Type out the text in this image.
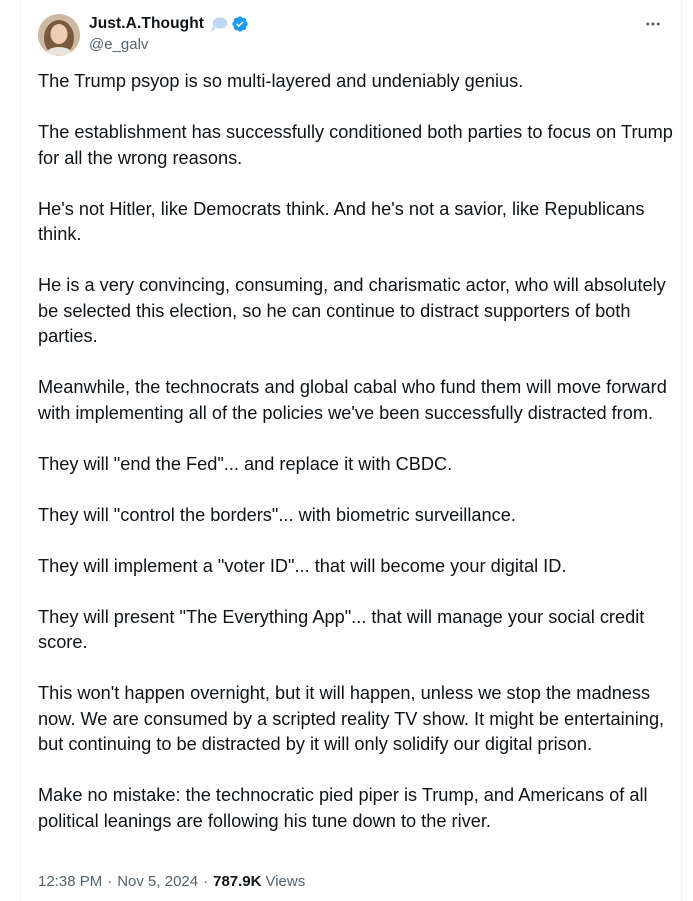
Just.A.Thought
@e_galv

The Trump psyop is so multi-layered and undeniably genius.

The establishment has successfully conditioned both parties to focus on Trump for all the wrong reasons.

He's not Hitler, like Democrats think. And he's not a savior, like Republicans think.

He is a very convincing, consuming, and charismatic actor, who will absolutely be selected this election, so he can continue to distract supporters of both parties.

Meanwhile, the technocrats and global cabal who fund them will move forward with implementing all of the policies we've been successfully distracted from.

They will "end the Fed"... and replace it with CBDC.

They will "control the borders"... with biometric surveillance.

They will implement a "voter ID"... that will become your digital ID.

They will present "The Everything App"... that will manage your social credit score.

This won't happen overnight, but it will happen, unless we stop the madness now. We are consumed by a scripted reality TV show. It might be entertaining, but continuing to be distracted by it will only solidify our digital prison.

Make no mistake: the technocratic pied piper is Trump, and Americans of all political leanings are following his tune down to the river.

12:38 PM · Nov 5, 2024 · 787.9K Views
